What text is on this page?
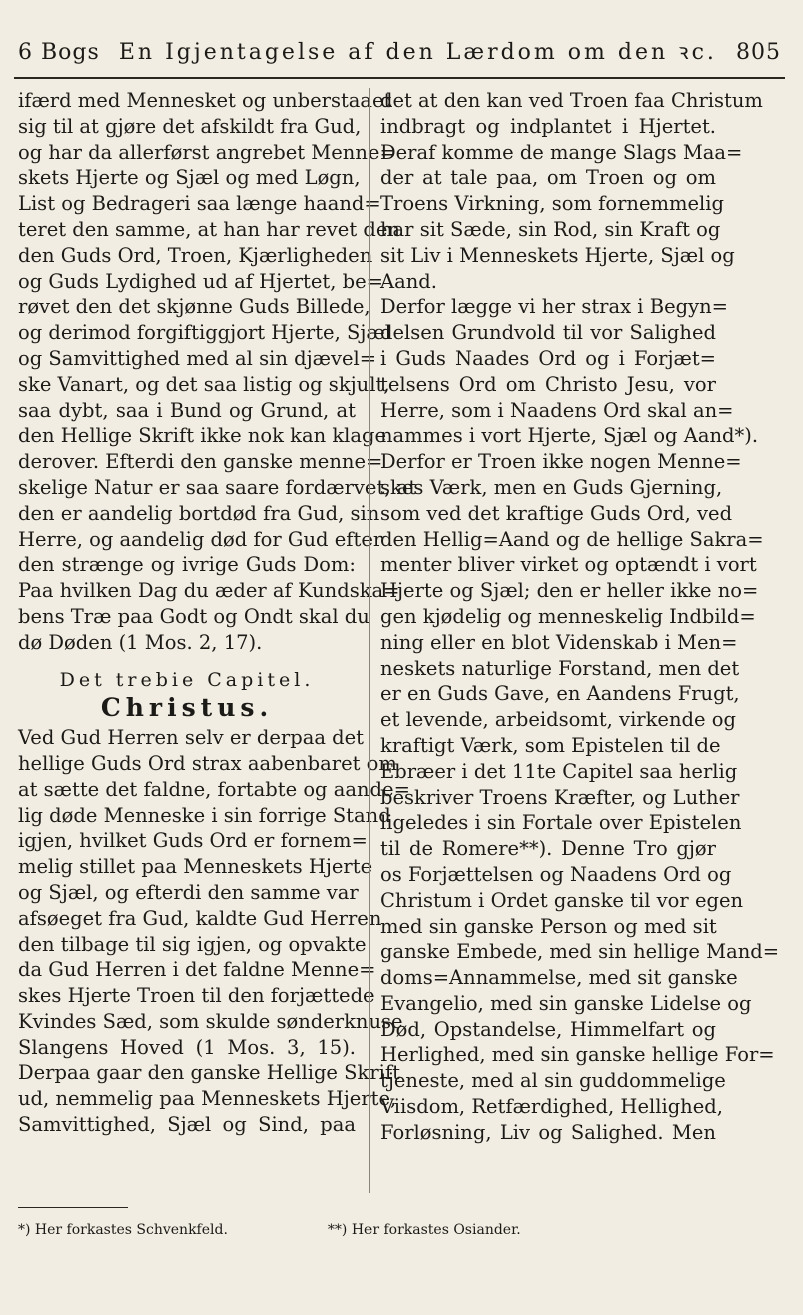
6 Bogs En Igjentagelse af den Lærdom om den ꝛc. 805
ifærd med Mennesket og unberstaaet
sig til at gjøre det afskildt fra Gud,
og har da allerførst angrebet Menne=
skets Hjerte og Sjæl og med Løgn,
List og Bedrageri saa længe haand=
teret den samme, at han har revet den
den Guds Ord, Troen, Kjærligheden
og Guds Lydighed ud af Hjertet, be=
røvet den det skjønne Guds Billede,
og derimod forgiftiggjort Hjerte, Sjæl
og Samvittighed med al sin djævel=
ske Vanart, og det saa listig og skjult,
saa dybt, saa i Bund og Grund, at
den Hellige Skrift ikke nok kan klage
derover. Efterdi den ganske menne=
skelige Natur er saa saare fordærvet, at
den er aandelig bortdød fra Gud, sin
Herre, og aandelig død for Gud efter
den strænge og ivrige Guds Dom:
Paa hvilken Dag du æder af Kundska=
bens Træ paa Godt og Ondt skal du
dø Døden (1 Mos. 2, 17).
Det trebie Capitel.
Christus.
Ved Gud Herren selv er derpaa det
hellige Guds Ord strax aabenbaret om
at sætte det faldne, fortabte og aande=
lig døde Menneske i sin forrige Stand
igjen, hvilket Guds Ord er fornem=
melig stillet paa Menneskets Hjerte
og Sjæl, og efterdi den samme var
afsøeget fra Gud, kaldte Gud Herren
den tilbage til sig igjen, og opvakte
da Gud Herren i det faldne Menne=
skes Hjerte Troen til den forjættede
Kvindes Sæd, som skulde sønderknuse
Slangens Hoved (1 Mos. 3, 15).
Derpaa gaar den ganske Hellige Skrift
ud, nemmelig paa Menneskets Hjerte,
Samvittighed, Sjæl og Sind, paa
det at den kan ved Troen faa Christum
indbragt og indplantet i Hjertet.
Deraf komme de mange Slags Maa=
der at tale paa, om Troen og om
Troens Virkning, som fornemmelig
har sit Sæde, sin Rod, sin Kraft og
sit Liv i Menneskets Hjerte, Sjæl og
Aand.
Derfor lægge vi her strax i Begyn=
delsen Grundvold til vor Salighed
i Guds Naades Ord og i Forjæt=
telsens Ord om Christo Jesu, vor
Herre, som i Naadens Ord skal an=
nammes i vort Hjerte, Sjæl og Aand*).
Derfor er Troen ikke nogen Menne=
skes Værk, men en Guds Gjerning,
som ved det kraftige Guds Ord, ved
den Hellig=Aand og de hellige Sakra=
menter bliver virket og optændt i vort
Hjerte og Sjæl; den er heller ikke no=
gen kjødelig og menneskelig Indbild=
ning eller en blot Videnskab i Men=
neskets naturlige Forstand, men det
er en Guds Gave, en Aandens Frugt,
et levende, arbeidsomt, virkende og
kraftigt Værk, som Epistelen til de
Ebræer i det 11te Capitel saa herlig
beskriver Troens Kræfter, og Luther
ligeledes i sin Fortale over Epistelen
til de Romere**). Denne Tro gjør
os Forjættelsen og Naadens Ord og
Christum i Ordet ganske til vor egen
med sin ganske Person og med sit
ganske Embede, med sin hellige Mand=
doms=Annammelse, med sit ganske
Evangelio, med sin ganske Lidelse og
Død, Opstandelse, Himmelfart og
Herlighed, med sin ganske hellige For=
tjeneste, med al sin guddommelige
Viisdom, Retfærdighed, Hellighed,
Forløsning, Liv og Salighed. Men
*) Her forkastes Schvenkfeld.	**) Her forkastes Osiander.
